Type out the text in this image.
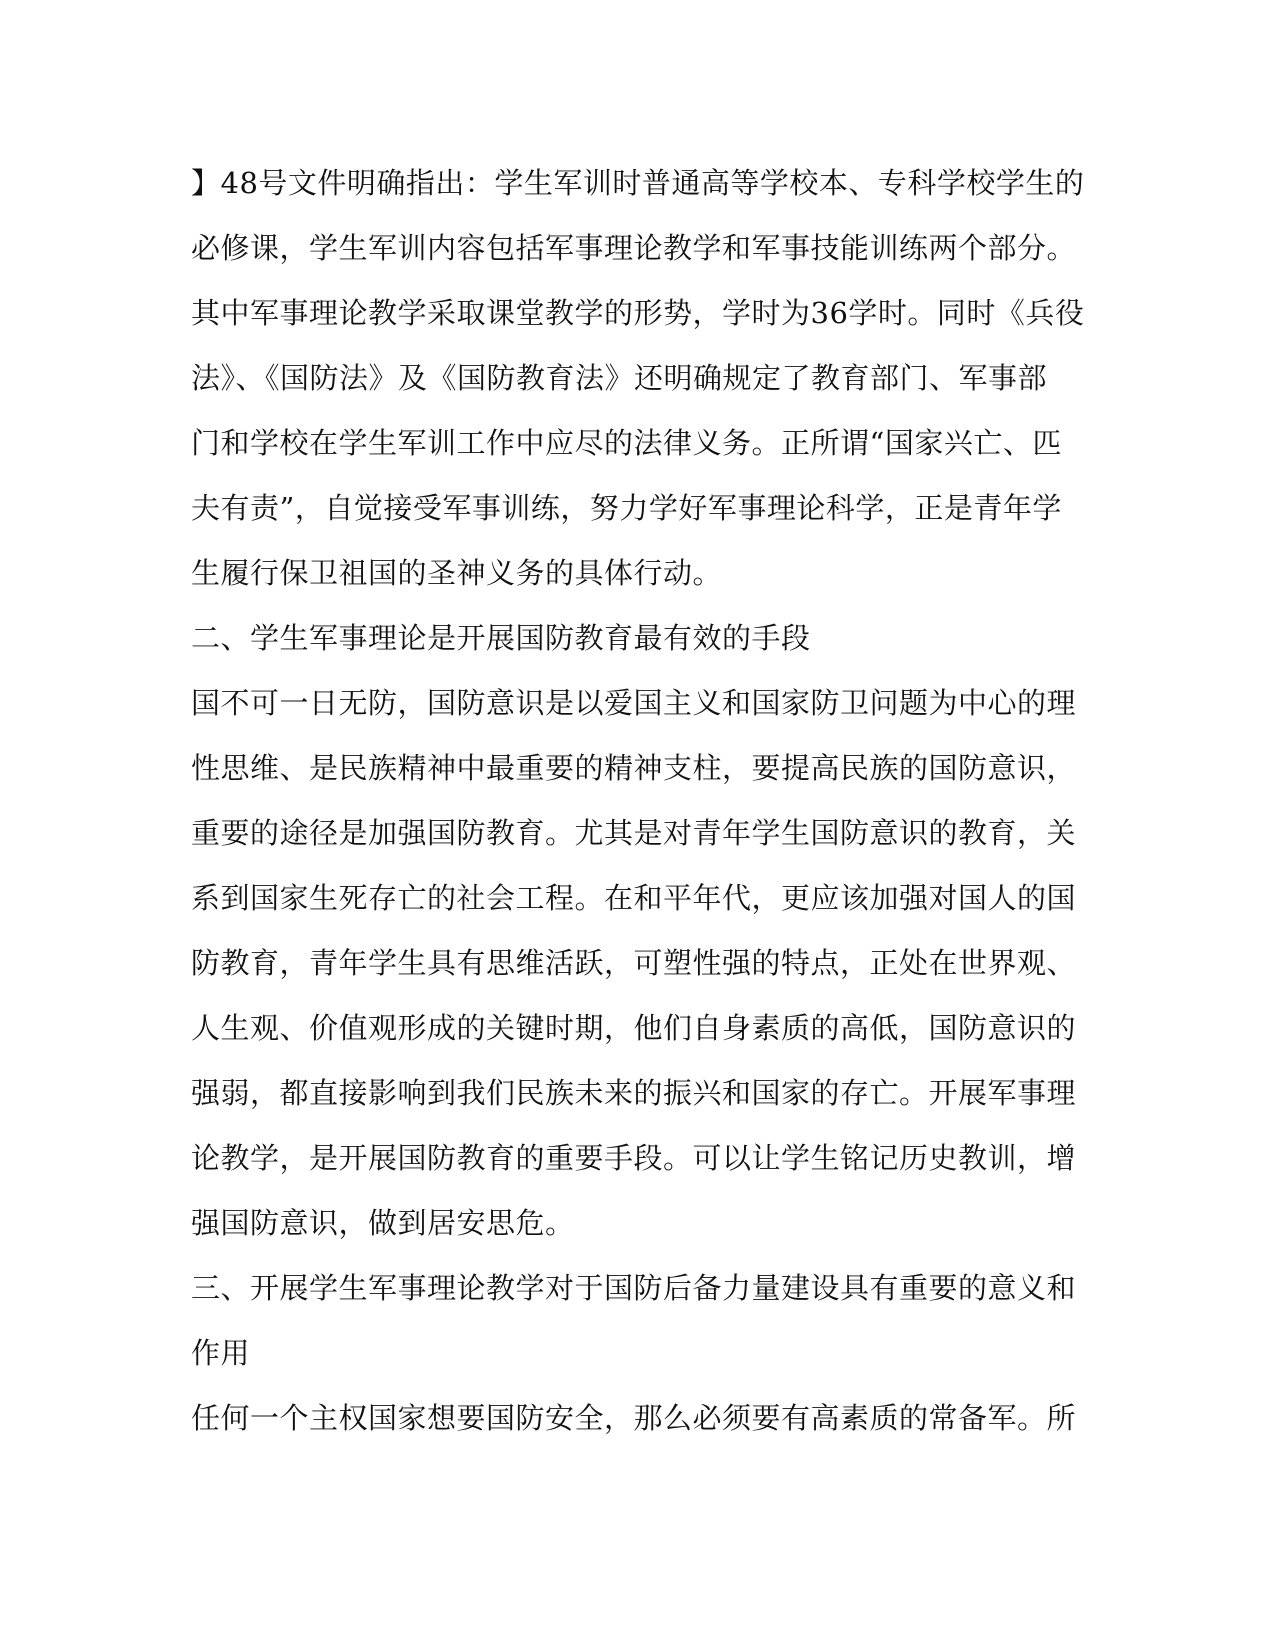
】48号文件明确指出：学生军训时普通高等学校本、专科学校学生的
必修课，学生军训内容包括军事理论教学和军事技能训练两个部分。
其中军事理论教学采取课堂教学的形势，学时为36学时。同时《兵役
法》、《国防法》及《国防教育法》还明确规定了教育部门、军事部
门和学校在学生军训工作中应尽的法律义务。正所谓“国家兴亡、匹
夫有责”，自觉接受军事训练，努力学好军事理论科学，正是青年学
生履行保卫祖国的圣神义务的具体行动。
二、学生军事理论是开展国防教育最有效的手段
国不可一日无防，国防意识是以爱国主义和国家防卫问题为中心的理
性思维、是民族精神中最重要的精神支柱，要提高民族的国防意识，
重要的途径是加强国防教育。尤其是对青年学生国防意识的教育，关
系到国家生死存亡的社会工程。在和平年代，更应该加强对国人的国
防教育，青年学生具有思维活跃，可塑性强的特点，正处在世界观、
人生观、价值观形成的关键时期，他们自身素质的高低，国防意识的
强弱，都直接影响到我们民族未来的振兴和国家的存亡。开展军事理
论教学，是开展国防教育的重要手段。可以让学生铭记历史教训，增
强国防意识，做到居安思危。
三、开展学生军事理论教学对于国防后备力量建设具有重要的意义和
作用
任何一个主权国家想要国防安全，那么必须要有高素质的常备军。所
